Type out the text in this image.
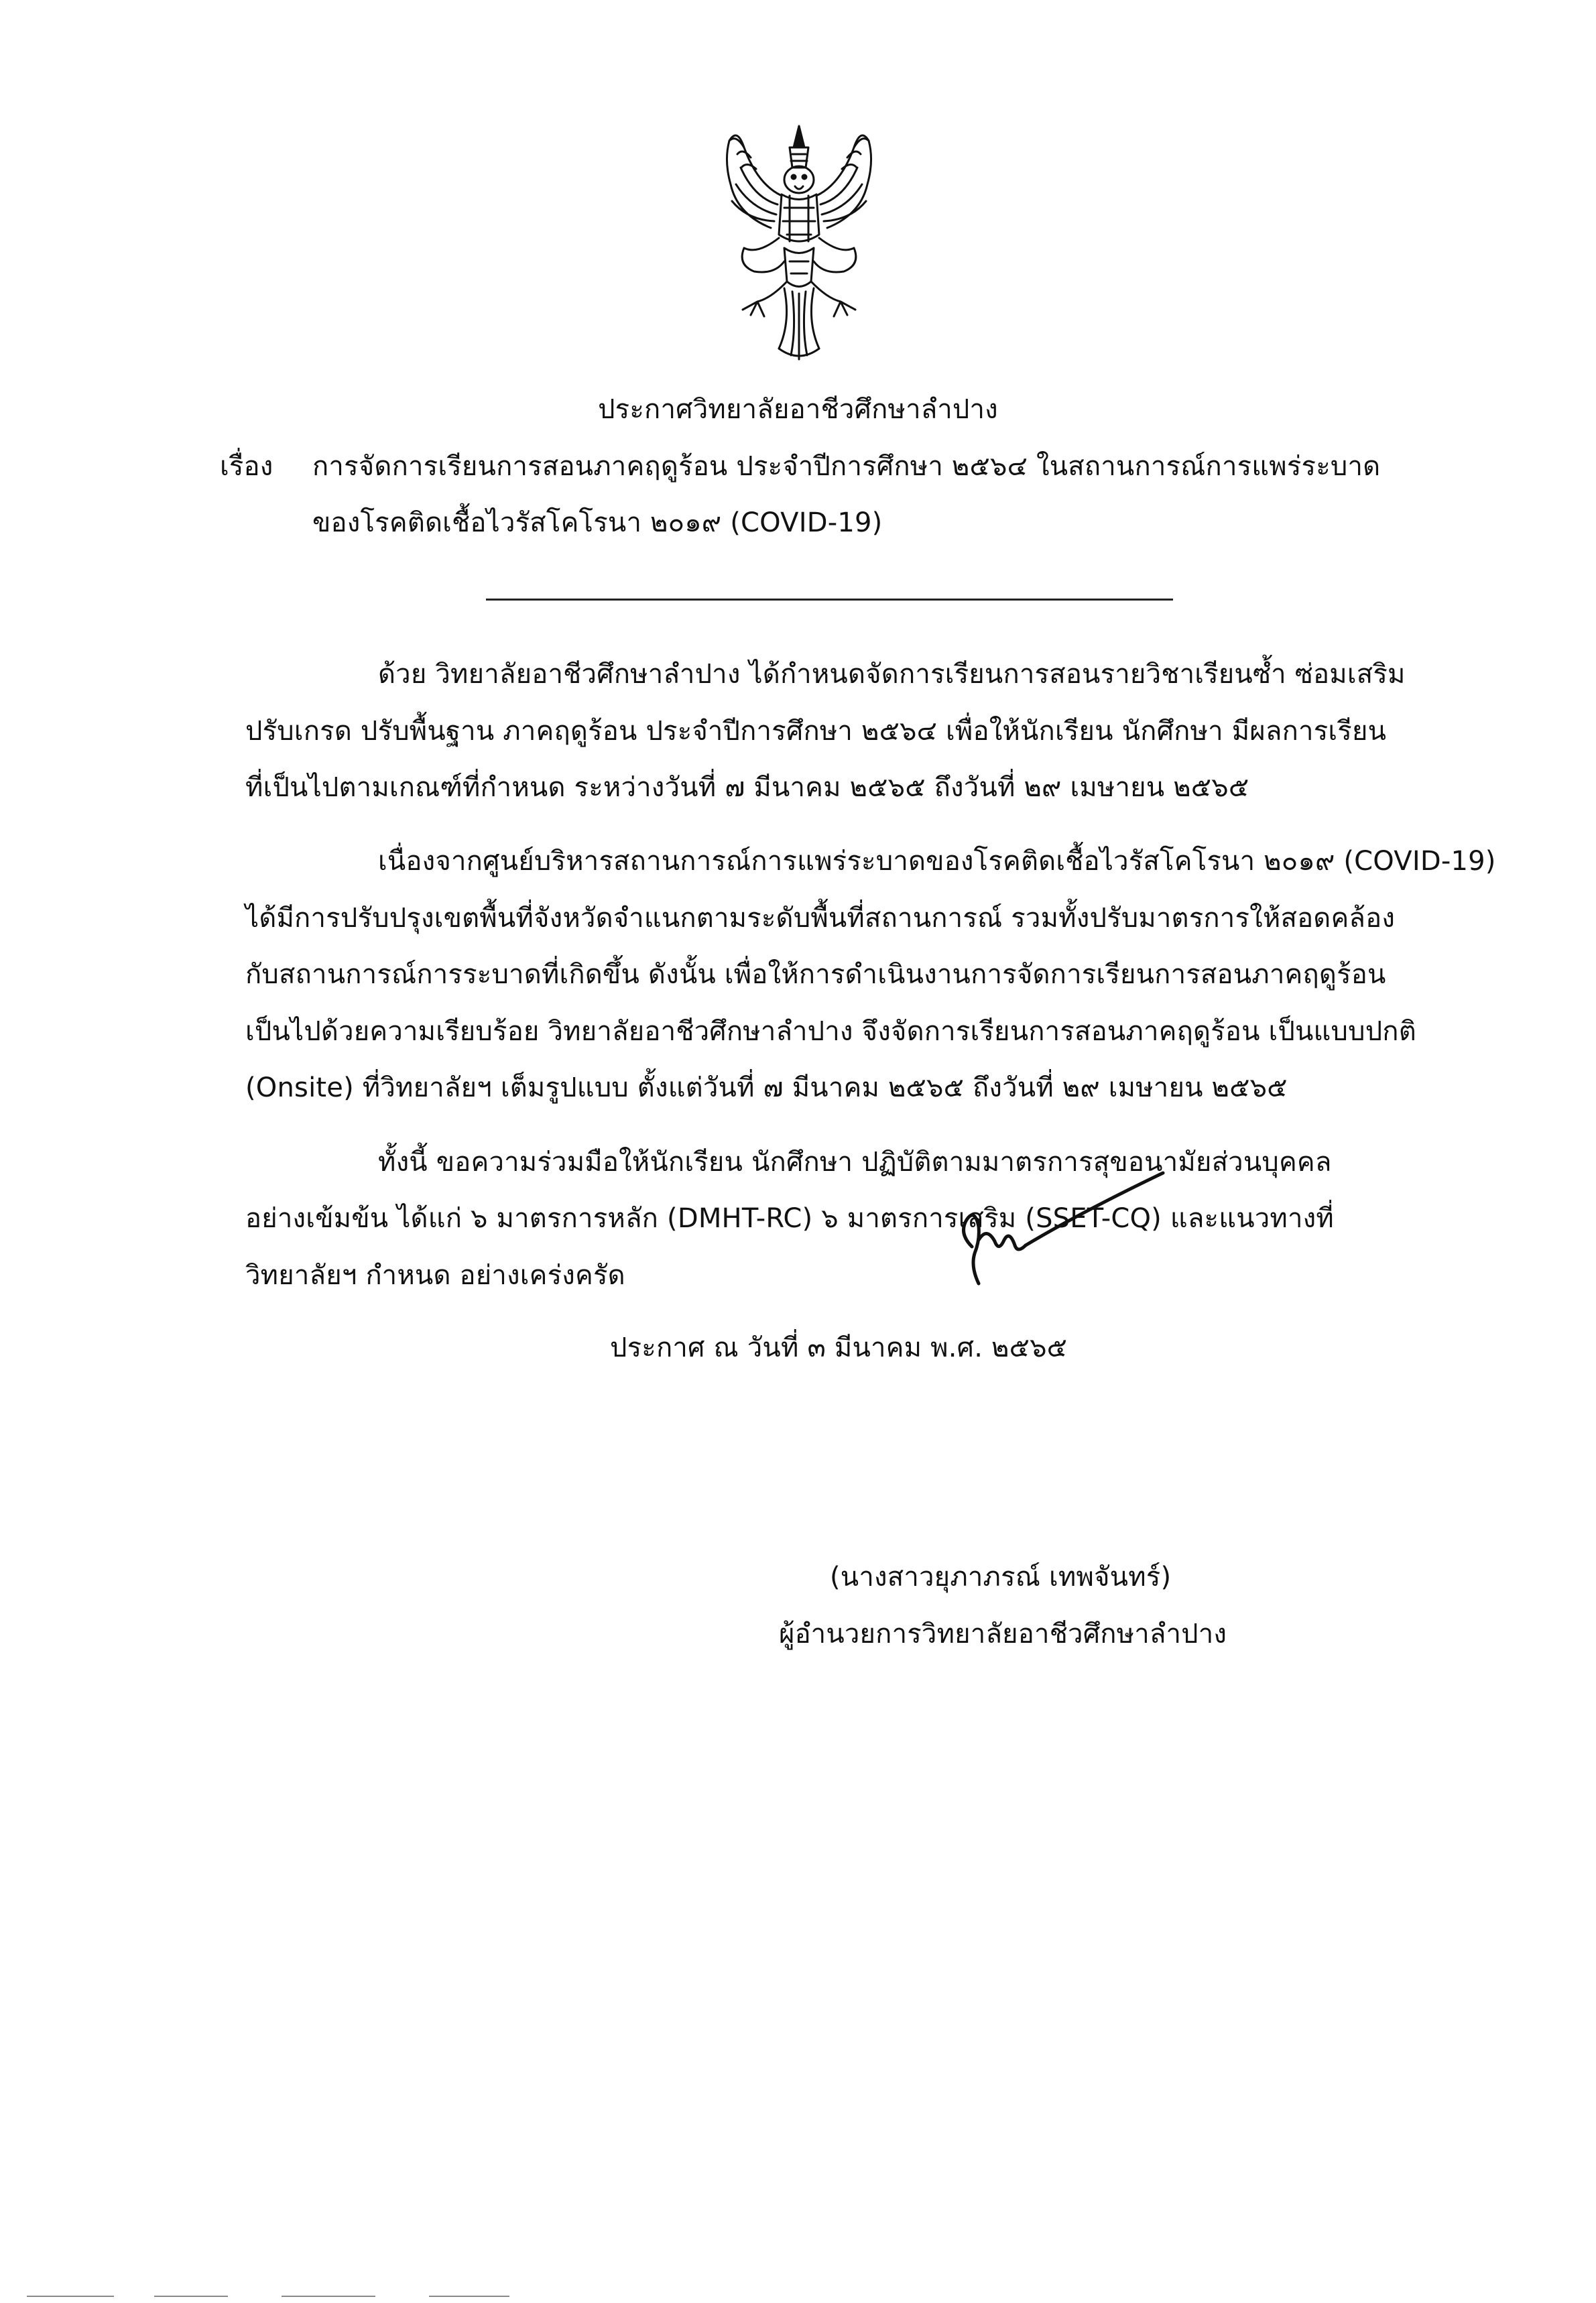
ประกาศวิทยาลัยอาชีวศึกษาลำปาง
เรื่อง การจัดการเรียนการสอนภาคฤดูร้อน ประจำปีการศึกษา ๒๕๖๔ ในสถานการณ์การแพร่ระบาด
ของโรคติดเชื้อไวรัสโคโรนา ๒๐๑๙ (COVID-19)
ด้วย วิทยาลัยอาชีวศึกษาลำปาง ได้กำหนดจัดการเรียนการสอนรายวิชาเรียนซ้ำ ซ่อมเสริม
ปรับเกรด ปรับพื้นฐาน ภาคฤดูร้อน ประจำปีการศึกษา ๒๕๖๔ เพื่อให้นักเรียน นักศึกษา มีผลการเรียน
ที่เป็นไปตามเกณฑ์ที่กำหนด ระหว่างวันที่ ๗ มีนาคม ๒๕๖๕ ถึงวันที่ ๒๙ เมษายน ๒๕๖๕
เนื่องจากศูนย์บริหารสถานการณ์การแพร่ระบาดของโรคติดเชื้อไวรัสโคโรนา ๒๐๑๙ (COVID-19)
ได้มีการปรับปรุงเขตพื้นที่จังหวัดจำแนกตามระดับพื้นที่สถานการณ์ รวมทั้งปรับมาตรการให้สอดคล้อง
กับสถานการณ์การระบาดที่เกิดขึ้น ดังนั้น เพื่อให้การดำเนินงานการจัดการเรียนการสอนภาคฤดูร้อน
เป็นไปด้วยความเรียบร้อย วิทยาลัยอาชีวศึกษาลำปาง จึงจัดการเรียนการสอนภาคฤดูร้อน เป็นแบบปกติ
(Onsite) ที่วิทยาลัยฯ เต็มรูปแบบ ตั้งแต่วันที่ ๗ มีนาคม ๒๕๖๕ ถึงวันที่ ๒๙ เมษายน ๒๕๖๕
ทั้งนี้ ขอความร่วมมือให้นักเรียน นักศึกษา ปฏิบัติตามมาตรการสุขอนามัยส่วนบุคคล
อย่างเข้มข้น ได้แก่ ๖ มาตรการหลัก (DMHT-RC) ๖ มาตรการเสริม (SSET-CQ) และแนวทางที่
วิทยาลัยฯ กำหนด อย่างเคร่งครัด
ประกาศ ณ วันที่ ๓ มีนาคม พ.ศ. ๒๕๖๕
(นางสาวยุภาภรณ์ เทพจันทร์)
ผู้อำนวยการวิทยาลัยอาชีวศึกษาลำปาง
